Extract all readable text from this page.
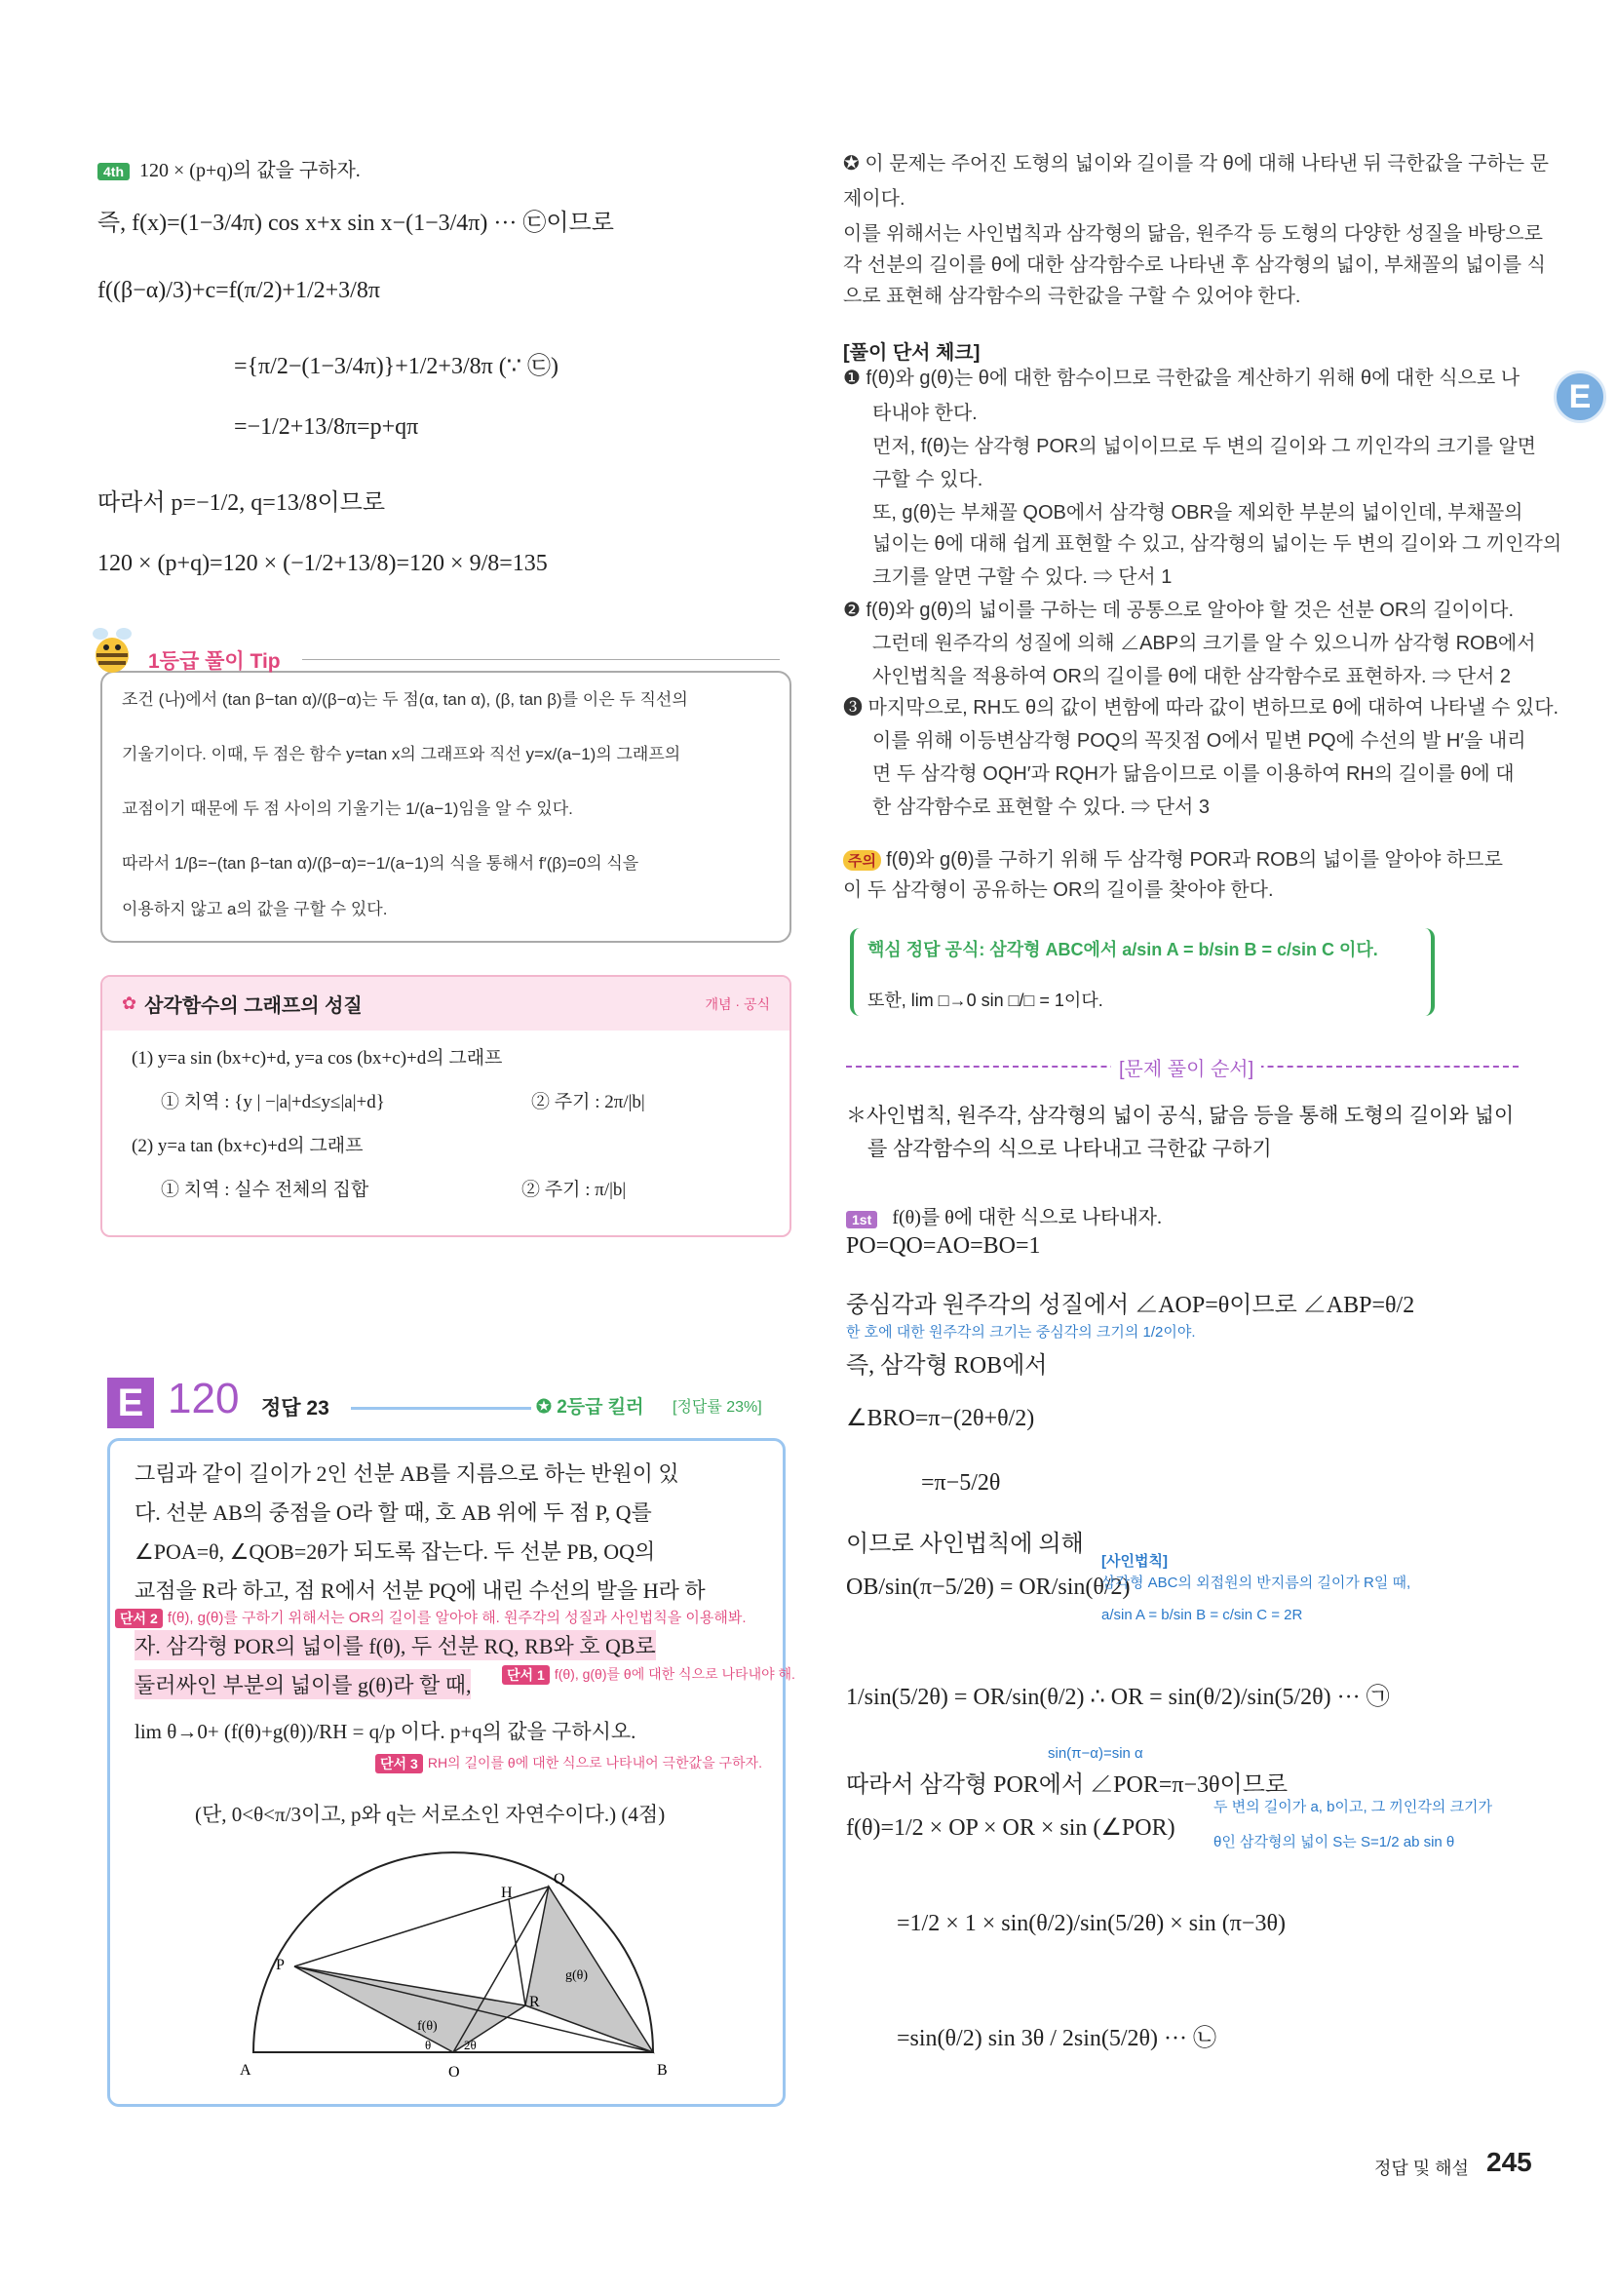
4th 120 × (p+q)의 값을 구하자.
즉, f(x)=(1−3/4π) cos x+x sin x−(1−3/4π) ··· ㉢이므로
f((β−α)/3)+c=f(π/2)+1/2+3/8π
={π/2−(1−3/4π)}+1/2+3/8π (∵ ㉢)
=−1/2+13/8π=p+qπ
따라서 p=−1/2, q=13/8이므로
120 × (p+q)=120 × (−1/2+13/8)=120 × 9/8=135
1등급 풀이 Tip
조건 (나)에서 (tan β−tan α)/(β−α)는 두 점(α, tan α), (β, tan β)를 이은 두 직선의
기울기이다. 이때, 두 점은 함수 y=tan x의 그래프와 직선 y=x/(a−1)의 그래프의
교점이기 때문에 두 점 사이의 기울기는 1/(a−1)임을 알 수 있다.
따라서 1/β=−(tan β−tan α)/(β−α)=−1/(a−1)의 식을 통해서 f′(β)=0의 식을
이용하지 않고 a의 값을 구할 수 있다.
✿ 삼각함수의 그래프의 성질	개념 · 공식
(1) y=a sin (bx+c)+d, y=a cos (bx+c)+d의 그래프
① 치역 : {y | −|a|+d≤y≤|a|+d}	② 주기 : 2π/|b|
(2) y=a tan (bx+c)+d의 그래프
① 치역 : 실수 전체의 집합	② 주기 : π/|b|
E 120 정답 23	✪ 2등급 킬러 [정답률 23%]
그림과 같이 길이가 2인 선분 AB를 지름으로 하는 반원이 있
다. 선분 AB의 중점을 O라 할 때, 호 AB 위에 두 점 P, Q를
∠POA=θ, ∠QOB=2θ가 되도록 잡는다. 두 선분 PB, OQ의
교점을 R라 하고, 점 R에서 선분 PQ에 내린 수선의 발을 H라 하
단서 2 f(θ), g(θ)를 구하기 위해서는 OR의 길이를 알아야 해. 원주각의 성질과 사인법칙을 이용해봐.
자. 삼각형 POR의 넓이를 f(θ), 두 선분 RQ, RB와 호 QB로
둘러싸인 부분의 넓이를 g(θ)라 할 때,	단서 1 f(θ), g(θ)를 θ에 대한 식으로 나타내야 해.
lim θ→0+ (f(θ)+g(θ))/RH = q/p 이다. p+q의 값을 구하시오.
단서 3 RH의 길이를 θ에 대한 식으로 나타내어 극한값을 구하자.
(단, 0<θ<π/3이고, p와 q는 서로소인 자연수이다.) (4점)
A	B
O
P
Q
R
H
f(θ)
g(θ)
θ	2θ
✪ 이 문제는 주어진 도형의 넓이와 길이를 각 θ에 대해 나타낸 뒤 극한값을 구하는 문
제이다.
이를 위해서는 사인법칙과 삼각형의 닮음, 원주각 등 도형의 다양한 성질을 바탕으로
각 선분의 길이를 θ에 대한 삼각함수로 나타낸 후 삼각형의 넓이, 부채꼴의 넓이를 식
으로 표현해 삼각함수의 극한값을 구할 수 있어야 한다.
[풀이 단서 체크]
❶ f(θ)와 g(θ)는 θ에 대한 함수이므로 극한값을 계산하기 위해 θ에 대한 식으로 나
타내야 한다.
먼저, f(θ)는 삼각형 POR의 넓이이므로 두 변의 길이와 그 끼인각의 크기를 알면
구할 수 있다.
또, g(θ)는 부채꼴 QOB에서 삼각형 OBR을 제외한 부분의 넓이인데, 부채꼴의
넓이는 θ에 대해 쉽게 표현할 수 있고, 삼각형의 넓이는 두 변의 길이와 그 끼인각의
크기를 알면 구할 수 있다. ⇒ 단서 1
❷ f(θ)와 g(θ)의 넓이를 구하는 데 공통으로 알아야 할 것은 선분 OR의 길이이다.
그런데 원주각의 성질에 의해 ∠ABP의 크기를 알 수 있으니까 삼각형 ROB에서
사인법칙을 적용하여 OR의 길이를 θ에 대한 삼각함수로 표현하자. ⇒ 단서 2
❸ 마지막으로, RH도 θ의 값이 변함에 따라 값이 변하므로 θ에 대하여 나타낼 수 있다.
이를 위해 이등변삼각형 POQ의 꼭짓점 O에서 밑변 PQ에 수선의 발 H′을 내리
면 두 삼각형 OQH′과 RQH가 닮음이므로 이를 이용하여 RH의 길이를 θ에 대
한 삼각함수로 표현할 수 있다. ⇒ 단서 3
주의 f(θ)와 g(θ)를 구하기 위해 두 삼각형 POR과 ROB의 넓이를 알아야 하므로
이 두 삼각형이 공유하는 OR의 길이를 찾아야 한다.
핵심 정답 공식: 삼각형 ABC에서 a/sin A = b/sin B = c/sin C 이다.
또한, lim □→0 sin □/□ = 1이다.
[문제 풀이 순서]
＊사인법칙, 원주각, 삼각형의 넓이 공식, 닮음 등을 통해 도형의 길이와 넓이
를 삼각함수의 식으로 나타내고 극한값 구하기
1st f(θ)를 θ에 대한 식으로 나타내자.
PO=QO=AO=BO=1
중심각과 원주각의 성질에서 ∠AOP=θ이므로 ∠ABP=θ/2
한 호에 대한 원주각의 크기는 중심각의 크기의 1/2이야.
즉, 삼각형 ROB에서
∠BRO=π−(2θ+θ/2)
=π−5/2θ
이므로 사인법칙에 의해
OB/sin(π−5/2θ) = OR/sin(θ/2)
[사인법칙]
삼각형 ABC의 외접원의 반지름의 길이가 R일 때,
a/sin A = b/sin B = c/sin C = 2R
1/sin(5/2θ) = OR/sin(θ/2) ∴ OR = sin(θ/2)/sin(5/2θ) ··· ㉠
sin(π−α)=sin α
따라서 삼각형 POR에서 ∠POR=π−3θ이므로
f(θ)=1/2 × OP × OR × sin (∠POR)
두 변의 길이가 a, b이고, 그 끼인각의 크기가
θ인 삼각형의 넓이 S는 S=1/2 ab sin θ
=1/2 × 1 × sin(θ/2)/sin(5/2θ) × sin (π−3θ)
=sin(θ/2) sin 3θ / 2sin(5/2θ) ··· ㉡
E
정답 및 해설 245
